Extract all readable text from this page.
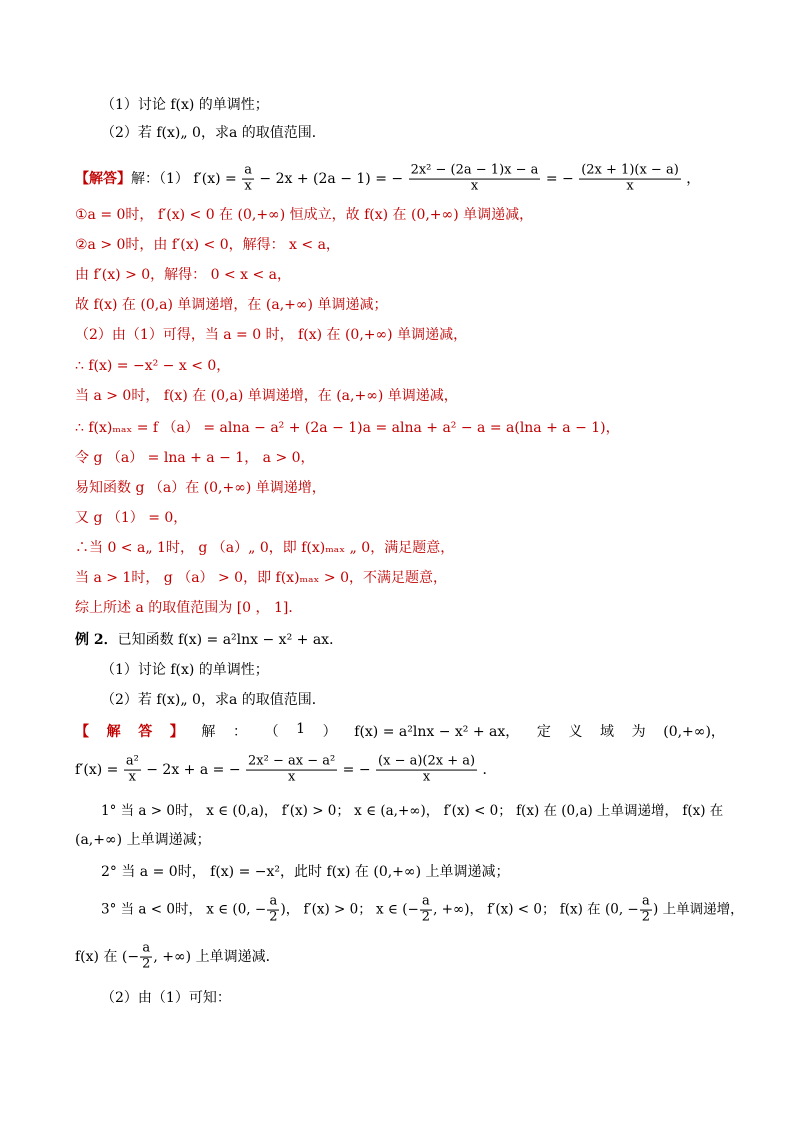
（1）讨论 f(x) 的单调性；
（2）若 f(x)„ 0，求a 的取值范围．
【解答】解：（1） $f'(x) = \frac{a}{x} - 2x + (2a - 1)$ = − $\frac{\text{2x² − (2a − 1)x − a}}{x}$ = − $\frac{(2x + 1)(x - a)}{x}$ ，
①a = 0时， f′(x) < 0 在 (0,+∞) 恒成立，故 f(x) 在 (0,+∞) 单调递减，
②a > 0时，由 f′(x) < 0，解得： x < a，
由 f′(x) > 0，解得： 0 < x < a，
故 f(x) 在 (0,a) 单调递增，在 (a,+∞) 单调递减；
（2）由（1）可得，当 a = 0 时， f(x) 在 (0,+∞) 单调递减，
∴ f(x) = −x² − x < 0，
当 a > 0时， f(x) 在 (0,a) 单调递增，在 (a,+∞) 单调递减，
∴ f(x)ₘₐₓ = f （a） = alna − a² + (2a − 1)a = alna + a² − a = a(lna + a − 1)，
令 g （a） = lna + a − 1， a > 0，
易知函数 g （a）在 (0,+∞) 单调递增，
又 g （1） = 0，
∴当 0 < a„ 1时， g （a）„ 0，即 f(x)ₘₐₓ „ 0，满足题意，
当 a > 1时， g （a） > 0，即 f(x)ₘₐₓ > 0，不满足题意，
综上所述 a 的取值范围为 [0 ， 1]．
例 2．已知函数 f(x) = a²lnx − x² + ax．
（1）讨论 f(x) 的单调性；
（2）若 f(x)„ 0，求a 的取值范围．
【 解 答 】 解 ： （ 1 ） f(x) = a²lnx − x² + ax， 定 义 域 为 (0,+∞)，
$f'(x) = \frac{\text{a²}}{x} - 2x + a$ = − $\frac{\text{2x² − ax − a²}}{x}$ = − $\frac{(x - a)(2x + a)}{x}$ ．
1° 当 a > 0时， x ∈ (0,a)， f′(x) > 0； x ∈ (a,+∞)， f′(x) < 0； f(x) 在 (0,a) 上单调递增， f(x) 在
(a,+∞) 上单调递减；
2° 当 a = 0时， f(x) = −x²，此时 f(x) 在 (0,+∞) 上单调递减；
3° 当 a < 0时， x ∈ (0, − $\frac{a}{2}$ )， f′(x) > 0； x ∈ (− $\frac{a}{2}$ , +∞)， f′(x) < 0； f(x) 在 (0, − $\frac{a}{2}$ ) 上单调递增，
f(x) 在 (− $\frac{a}{2}$ , +∞) 上单调递减．
（2）由（1）可知：
